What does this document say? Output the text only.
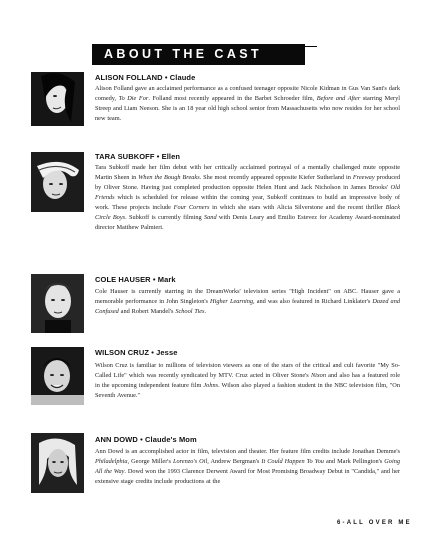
ABOUT THE CAST
ALISON FOLLAND • Claude
Alison Folland gave an acclaimed performance as a confused teenager opposite Nicole Kidman in Gus Van Sant's dark comedy, To Die For. Folland most recently appeared in the Barbet Schroeder film, Before and After starring Meryl Streep and Liam Neeson. She is an 18 year old high school senior from Massachusetts who now resides for her school new team.
TARA SUBKOFF • Ellen
Tara Subkoff made her film debut with her critically acclaimed portrayal of a mentally challenged mute opposite Martin Sheen in When the Bough Breaks. She most recently appeared opposite Kiefer Sutherland in Freeway produced by Oliver Stone. Having just completed production opposite Helen Hunt and Jack Nicholson in James Brooks' Old Friends which is scheduled for release within the coming year, Subkoff continues to build an impressive body of work. These projects include Four Corners in which she stars with Alicia Silverstone and the recent thriller Black Circle Boys. Subkoff is currently filming Sand with Denis Leary and Emilio Estevez for Academy Award-nominated director Matthew Palmieri.
COLE HAUSER • Mark
Cole Hauser is currently starring in the DreamWorks' television series "High Incident" on ABC. Hauser gave a memorable performance in John Singleton's Higher Learning, and was also featured in Richard Linklater's Dazed and Confused and Robert Mandel's School Ties.
WILSON CRUZ • Jesse
Wilson Cruz is familiar to millions of television viewers as one of the stars of the critical and cult favorite "My So-Called Life" which was recently syndicated by MTV. Cruz acted in Oliver Stone's Nixon and also has a featured role in the upcoming independent feature film Johns. Wilson also played a fashion student in the NBC television film, "On Seventh Avenue."
ANN DOWD • Claude's Mom
Ann Dowd is an accomplished actor in film, television and theater. Her feature film credits include Jonathan Demme's Philadelphia, George Miller's Lorenzo's Oil, Andrew Bergman's It Could Happen To You and Mark Pellington's Going All the Way. Dowd won the 1993 Clarence Derwent Award for Most Promising Broadway Debut in "Candida," and her extensive stage credits include productions at the
6-ALL OVER ME
